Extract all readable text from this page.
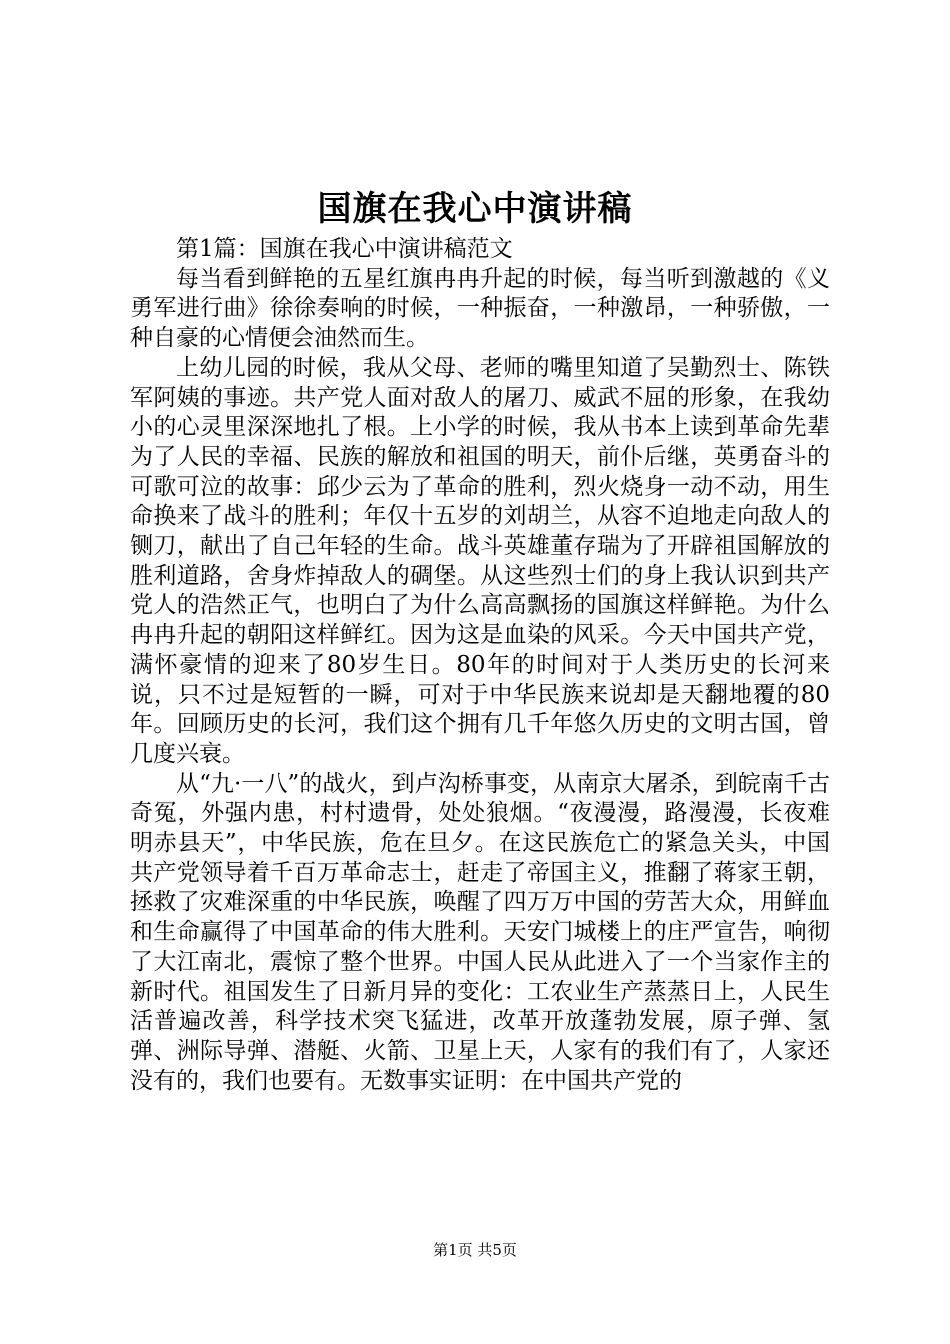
国旗在我心中演讲稿

第1篇：国旗在我心中演讲稿范文

每当看到鲜艳的五星红旗冉冉升起的时候，每当听到激越的《义勇军进行曲》徐徐奏响的时候，一种振奋，一种激昂，一种骄傲，一种自豪的心情便会油然而生。

上幼儿园的时候，我从父母、老师的嘴里知道了吴勤烈士、陈铁军阿姨的事迹。共产党人面对敌人的屠刀、威武不屈的形象，在我幼小的心灵里深深地扎了根。上小学的时候，我从书本上读到革命先辈为了人民的幸福、民族的解放和祖国的明天，前仆后继，英勇奋斗的可歌可泣的故事：邱少云为了革命的胜利，烈火烧身一动不动，用生命换来了战斗的胜利；年仅十五岁的刘胡兰，从容不迫地走向敌人的铡刀，献出了自己年轻的生命。战斗英雄董存瑞为了开辟祖国解放的胜利道路，舍身炸掉敌人的碉堡。从这些烈士们的身上我认识到共产党人的浩然正气，也明白了为什么高高飘扬的国旗这样鲜艳。为什么冉冉升起的朝阳这样鲜红。因为这是血染的风采。今天中国共产党，满怀豪情的迎来了80岁生日。80年的时间对于人类历史的长河来说，只不过是短暂的一瞬，可对于中华民族来说却是天翻地覆的80年。回顾历史的长河，我们这个拥有几千年悠久历史的文明古国，曾几度兴衰。

从“九·一八”的战火，到卢沟桥事变，从南京大屠杀，到皖南千古奇冤，外强内患，村村遗骨，处处狼烟。“夜漫漫，路漫漫，长夜难明赤县天”，中华民族，危在旦夕。在这民族危亡的紧急关头，中国共产党领导着千百万革命志士，赶走了帝国主义，推翻了蒋家王朝，拯救了灾难深重的中华民族，唤醒了四万万中国的劳苦大众，用鲜血和生命赢得了中国革命的伟大胜利。天安门城楼上的庄严宣告，响彻了大江南北，震惊了整个世界。中国人民从此进入了一个当家作主的新时代。祖国发生了日新月异的变化：工农业生产蒸蒸日上，人民生活普遍改善，科学技术突飞猛进，改革开放蓬勃发展，原子弹、氢弹、洲际导弹、潜艇、火箭、卫星上天，人家有的我们有了，人家还没有的，我们也要有。无数事实证明：在中国共产党的

第1页 共5页
